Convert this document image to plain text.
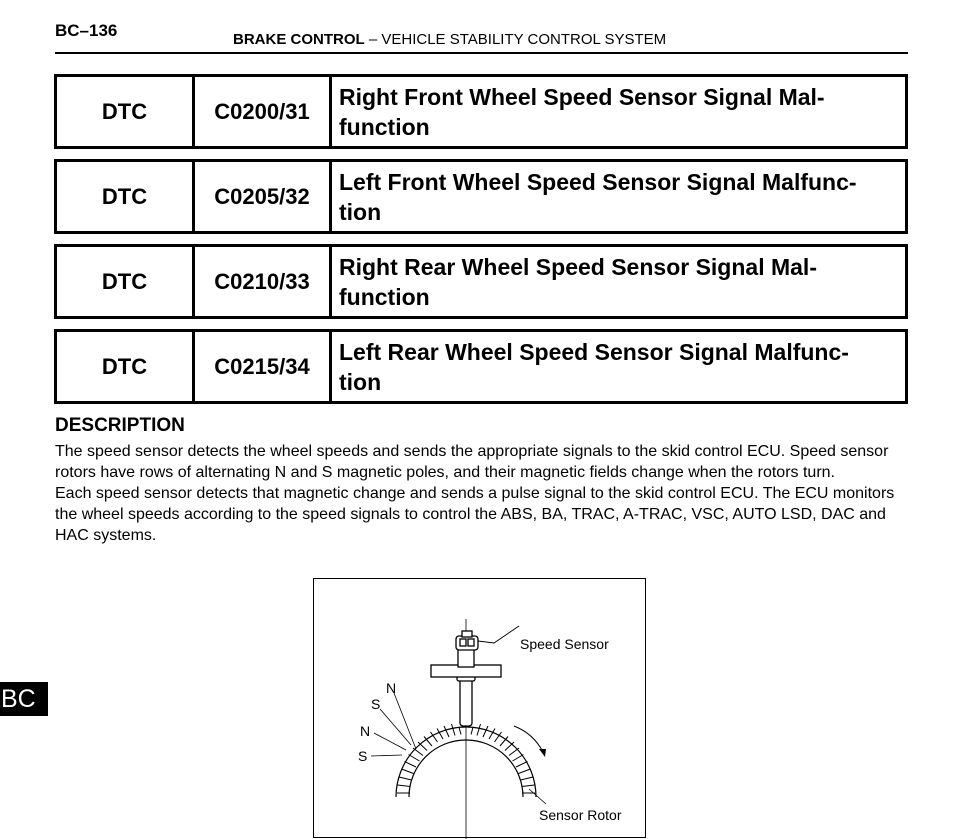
BC–136	BRAKE CONTROL – VEHICLE STABILITY CONTROL SYSTEM
DTC	C0200/31
Right Front Wheel Speed Sensor Signal Mal-
function
DTC	C0205/32
Left Front Wheel Speed Sensor Signal Malfunc-
tion
DTC	C0210/33
Right Rear Wheel Speed Sensor Signal Mal-
function
DTC	C0215/34
Left Rear Wheel Speed Sensor Signal Malfunc-
tion
DESCRIPTION

The speed sensor detects the wheel speeds and sends the appropriate signals to the skid control ECU. Speed sensor rotors have rows of alternating N and S magnetic poles, and their magnetic fields change when the rotors turn.

Each speed sensor detects that magnetic change and sends a pulse signal to the skid control ECU. The ECU monitors the wheel speeds according to the speed signals to control the ABS, BA, TRAC, A-TRAC, VSC, AUTO LSD, DAC and HAC systems.

Speed Sensor
Sensor Rotor
N
S
N
S
BC
